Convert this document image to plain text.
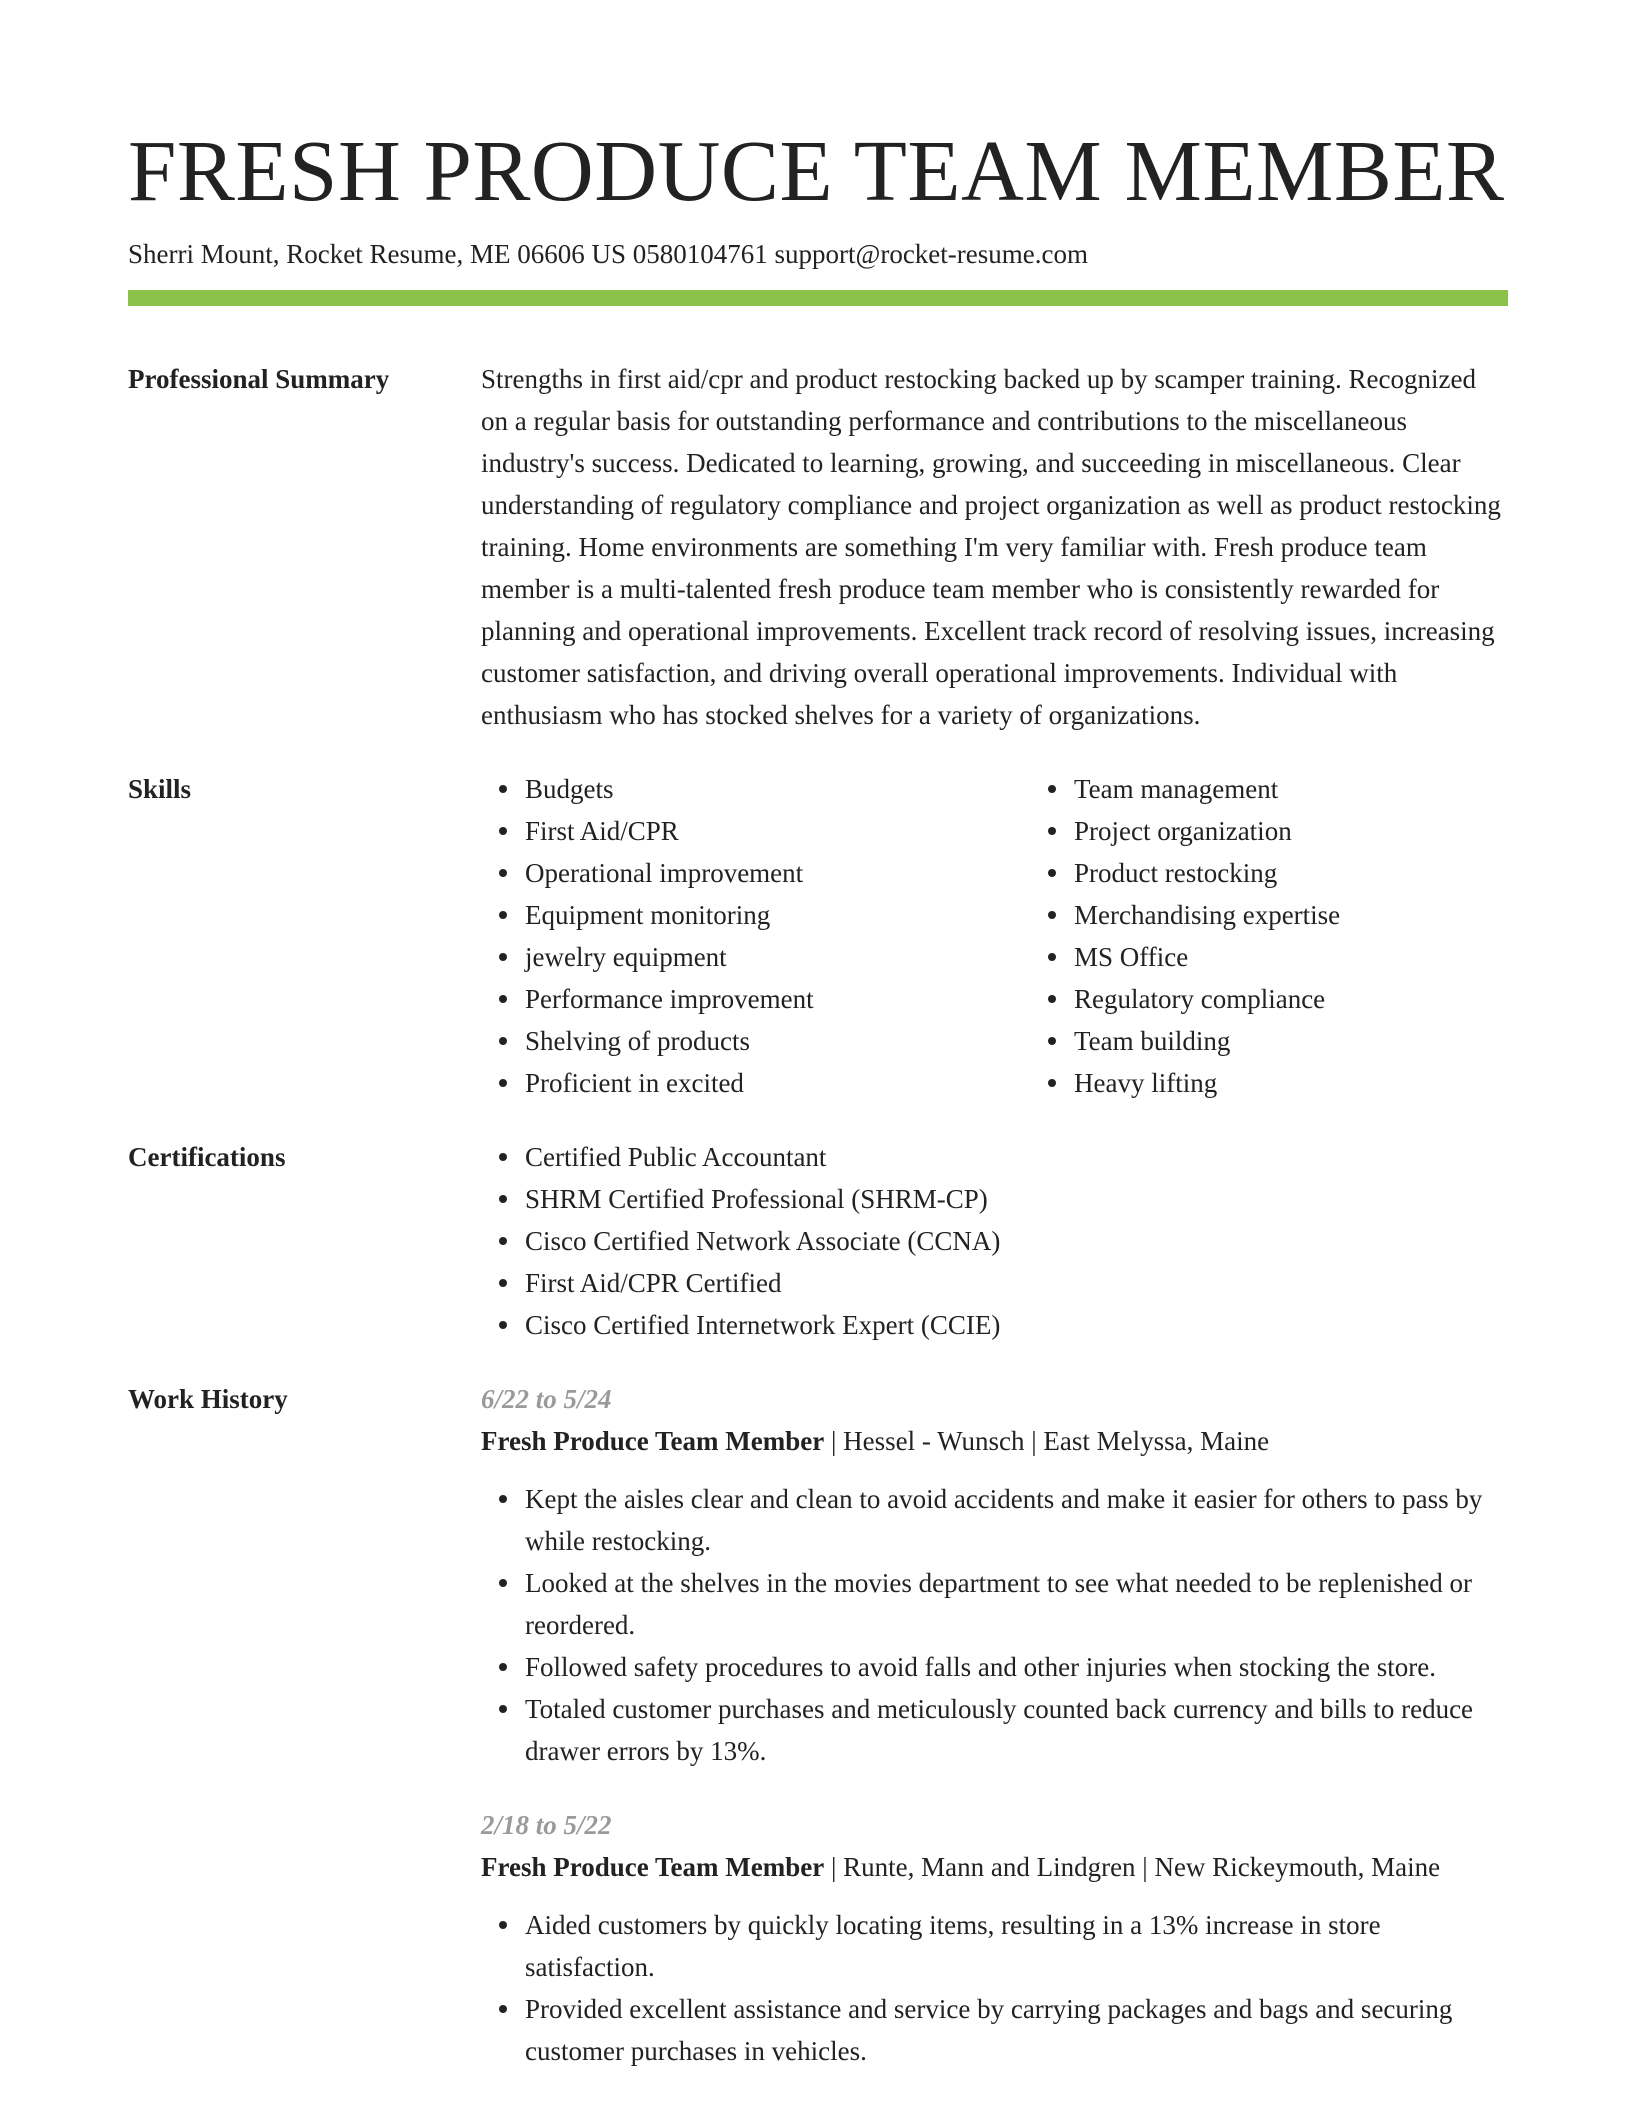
FRESH PRODUCE TEAM MEMBER
Sherri Mount, Rocket Resume, ME 06606 US 0580104761 support@rocket-resume.com
Professional Summary	Strengths in first aid/cpr and product restocking backed up by scamper training. Recognized on a regular basis for outstanding performance and contributions to the miscellaneous industry's success. Dedicated to learning, growing, and succeeding in miscellaneous. Clear understanding of regulatory compliance and project organization as well as product restocking training. Home environments are something I'm very familiar with. Fresh produce team member is a multi-talented fresh produce team member who is consistently rewarded for planning and operational improvements. Excellent track record of resolving issues, increasing customer satisfaction, and driving overall operational improvements. Individual with enthusiasm who has stocked shelves for a variety of organizations.
Skills	Budgets
First Aid/CPR
Operational improvement
Equipment monitoring
jewelry equipment
Performance improvement
Shelving of products
Proficient in excited
Team management
Project organization
Product restocking
Merchandising expertise
MS Office
Regulatory compliance
Team building
Heavy lifting
Certifications	Certified Public Accountant
SHRM Certified Professional (SHRM-CP)
Cisco Certified Network Associate (CCNA)
First Aid/CPR Certified
Cisco Certified Internetwork Expert (CCIE)
Work History	6/22 to 5/24
Fresh Produce Team Member | Hessel - Wunsch | East Melyssa, Maine
Kept the aisles clear and clean to avoid accidents and make it easier for others to pass by while restocking.
Looked at the shelves in the movies department to see what needed to be replenished or reordered.
Followed safety procedures to avoid falls and other injuries when stocking the store.
Totaled customer purchases and meticulously counted back currency and bills to reduce drawer errors by 13%.
2/18 to 5/22
Fresh Produce Team Member | Runte, Mann and Lindgren | New Rickeymouth, Maine
Aided customers by quickly locating items, resulting in a 13% increase in store satisfaction.
Provided excellent assistance and service by carrying packages and bags and securing customer purchases in vehicles.
